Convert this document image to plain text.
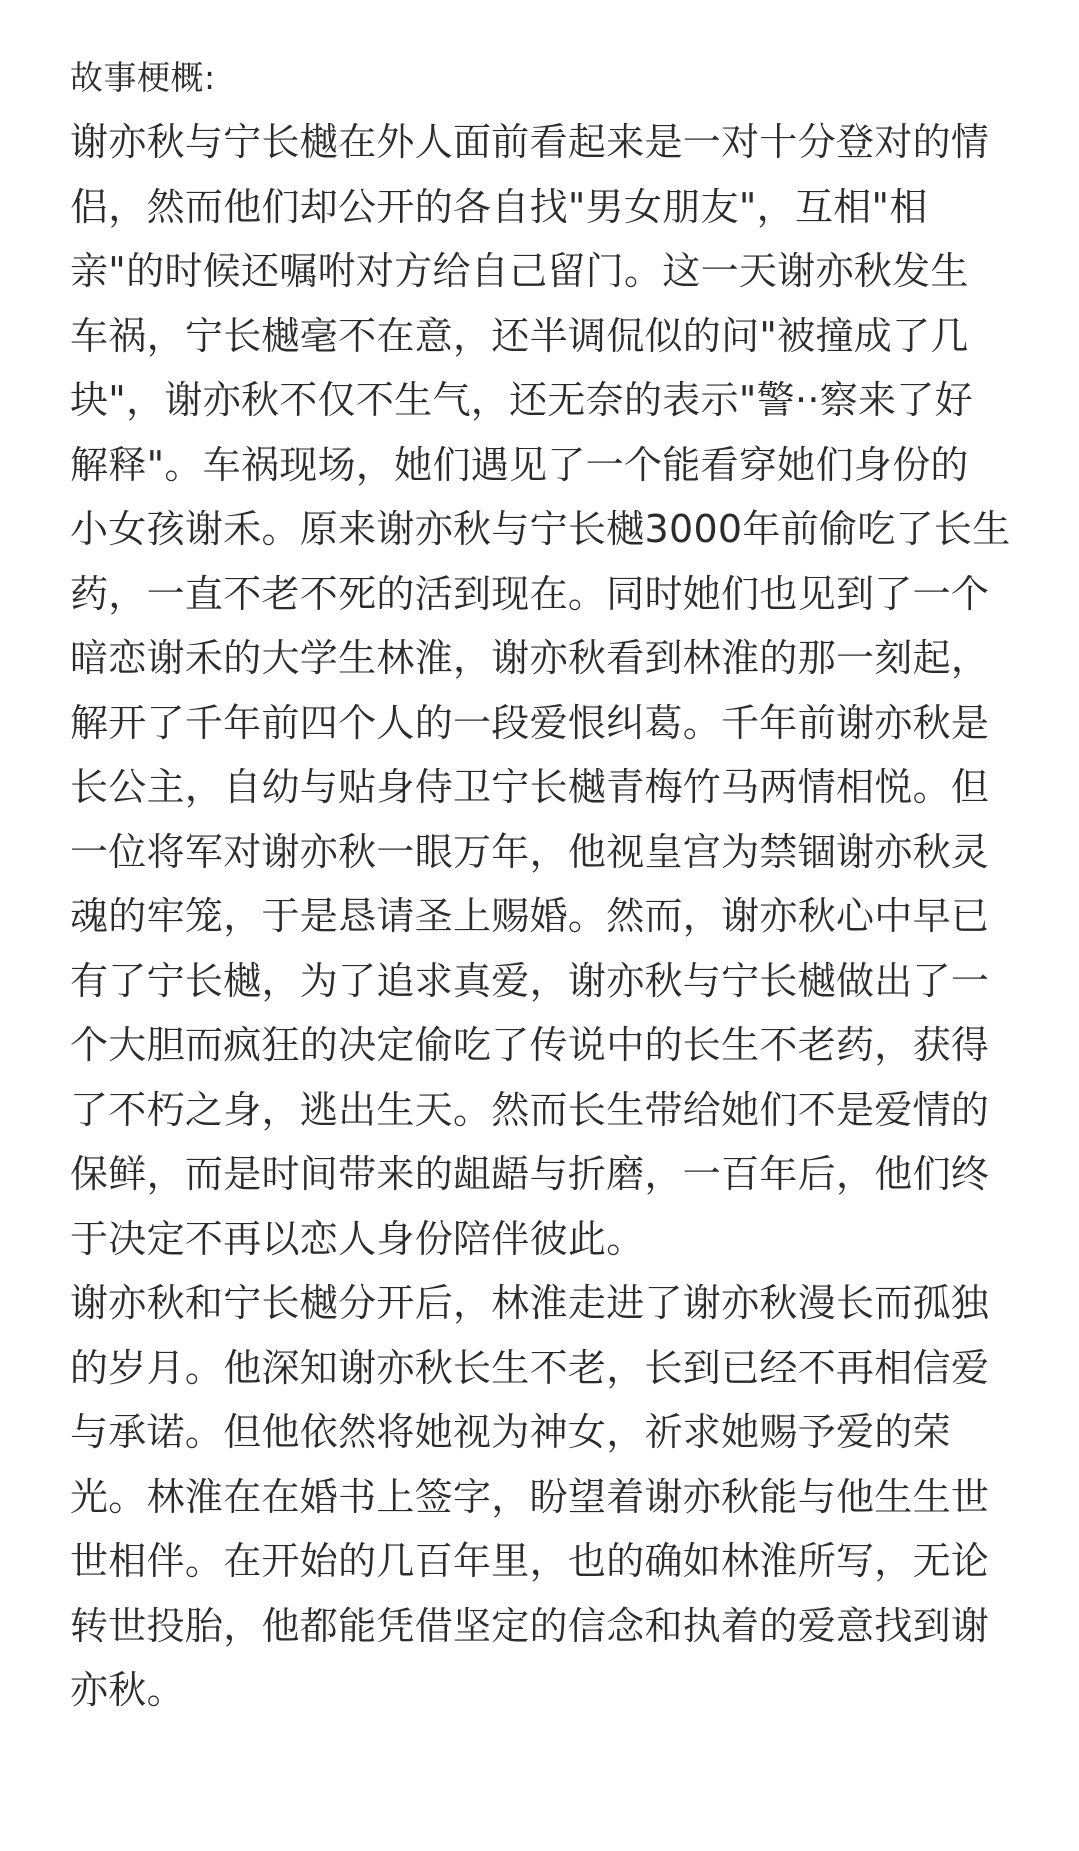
故事梗概:
谢亦秋与宁长樾在外人面前看起来是一对十分登对的情
侣，然而他们却公开的各自找"男女朋友"，互相"相
亲"的时候还嘱咐对方给自己留门。这一天谢亦秋发生
车祸，宁长樾毫不在意，还半调侃似的问"被撞成了几
块"，谢亦秋不仅不生气，还无奈的表示"警··察来了好
解释"。车祸现场，她们遇见了一个能看穿她们身份的
小女孩谢禾。原来谢亦秋与宁长樾3000年前偷吃了长生
药，一直不老不死的活到现在。同时她们也见到了一个
暗恋谢禾的大学生林淮，谢亦秋看到林淮的那一刻起，
解开了千年前四个人的一段爱恨纠葛。千年前谢亦秋是
长公主，自幼与贴身侍卫宁长樾青梅竹马两情相悦。但
一位将军对谢亦秋一眼万年，他视皇宫为禁锢谢亦秋灵
魂的牢笼，于是恳请圣上赐婚。然而，谢亦秋心中早已
有了宁长樾，为了追求真爱，谢亦秋与宁长樾做出了一
个大胆而疯狂的决定偷吃了传说中的长生不老药，获得
了不朽之身，逃出生天。然而长生带给她们不是爱情的
保鲜，而是时间带来的龃龉与折磨，一百年后，他们终
于决定不再以恋人身份陪伴彼此。
谢亦秋和宁长樾分开后，林淮走进了谢亦秋漫长而孤独
的岁月。他深知谢亦秋长生不老，长到已经不再相信爱
与承诺。但他依然将她视为神女，祈求她赐予爱的荣
光。林淮在在婚书上签字，盼望着谢亦秋能与他生生世
世相伴。在开始的几百年里，也的确如林淮所写，无论
转世投胎，他都能凭借坚定的信念和执着的爱意找到谢
亦秋。
